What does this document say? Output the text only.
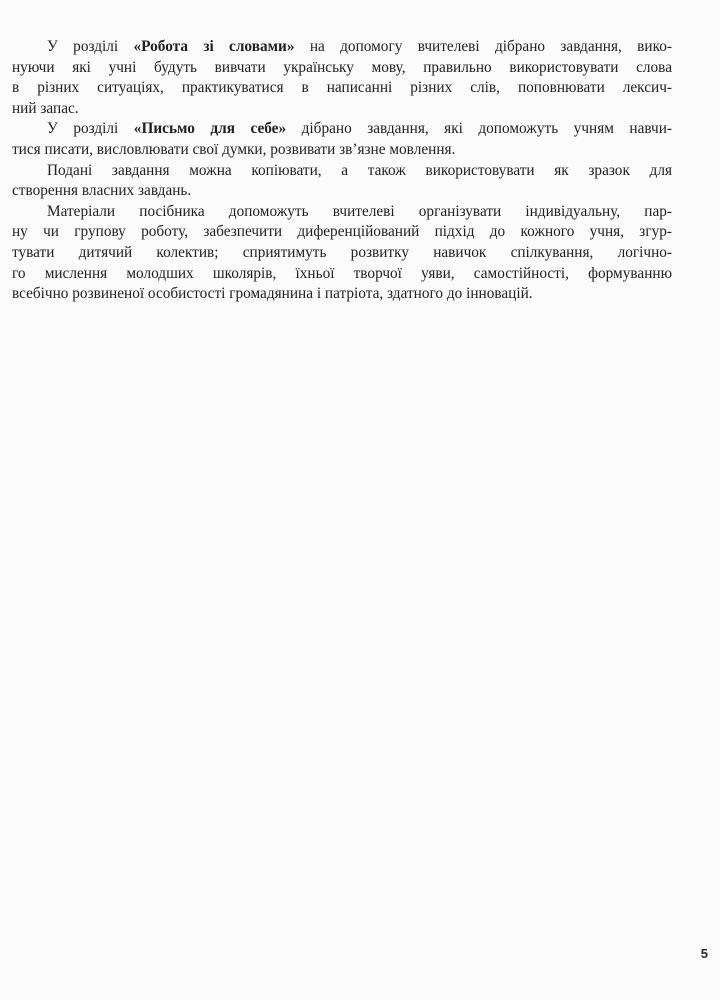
У розділі «Робота зі словами» на допомогу вчителеві дібрано завдання, вико-
нуючи які учні будуть вивчати українську мову, правильно використовувати слова
в різних ситуаціях, практикуватися в написанні різних слів, поповнювати лексич-
ний запас.

У розділі «Письмо для себе» дібрано завдання, які допоможуть учням навчи-
тися писати, висловлювати свої думки, розвивати зв’язне мовлення.

Подані завдання можна копіювати, а також використовувати як зразок для
створення власних завдань.

Матеріали посібника допоможуть вчителеві організувати індивідуальну, пар-
ну чи групову роботу, забезпечити диференційований підхід до кожного учня, згур-
тувати дитячий колектив; сприятимуть розвитку навичок спілкування, логічно-
го мислення молодших школярів, їхньої творчої уяви, самостійності, формуванню
всебічно розвиненої особистості громадянина і патріота, здатного до інновацій.

5
